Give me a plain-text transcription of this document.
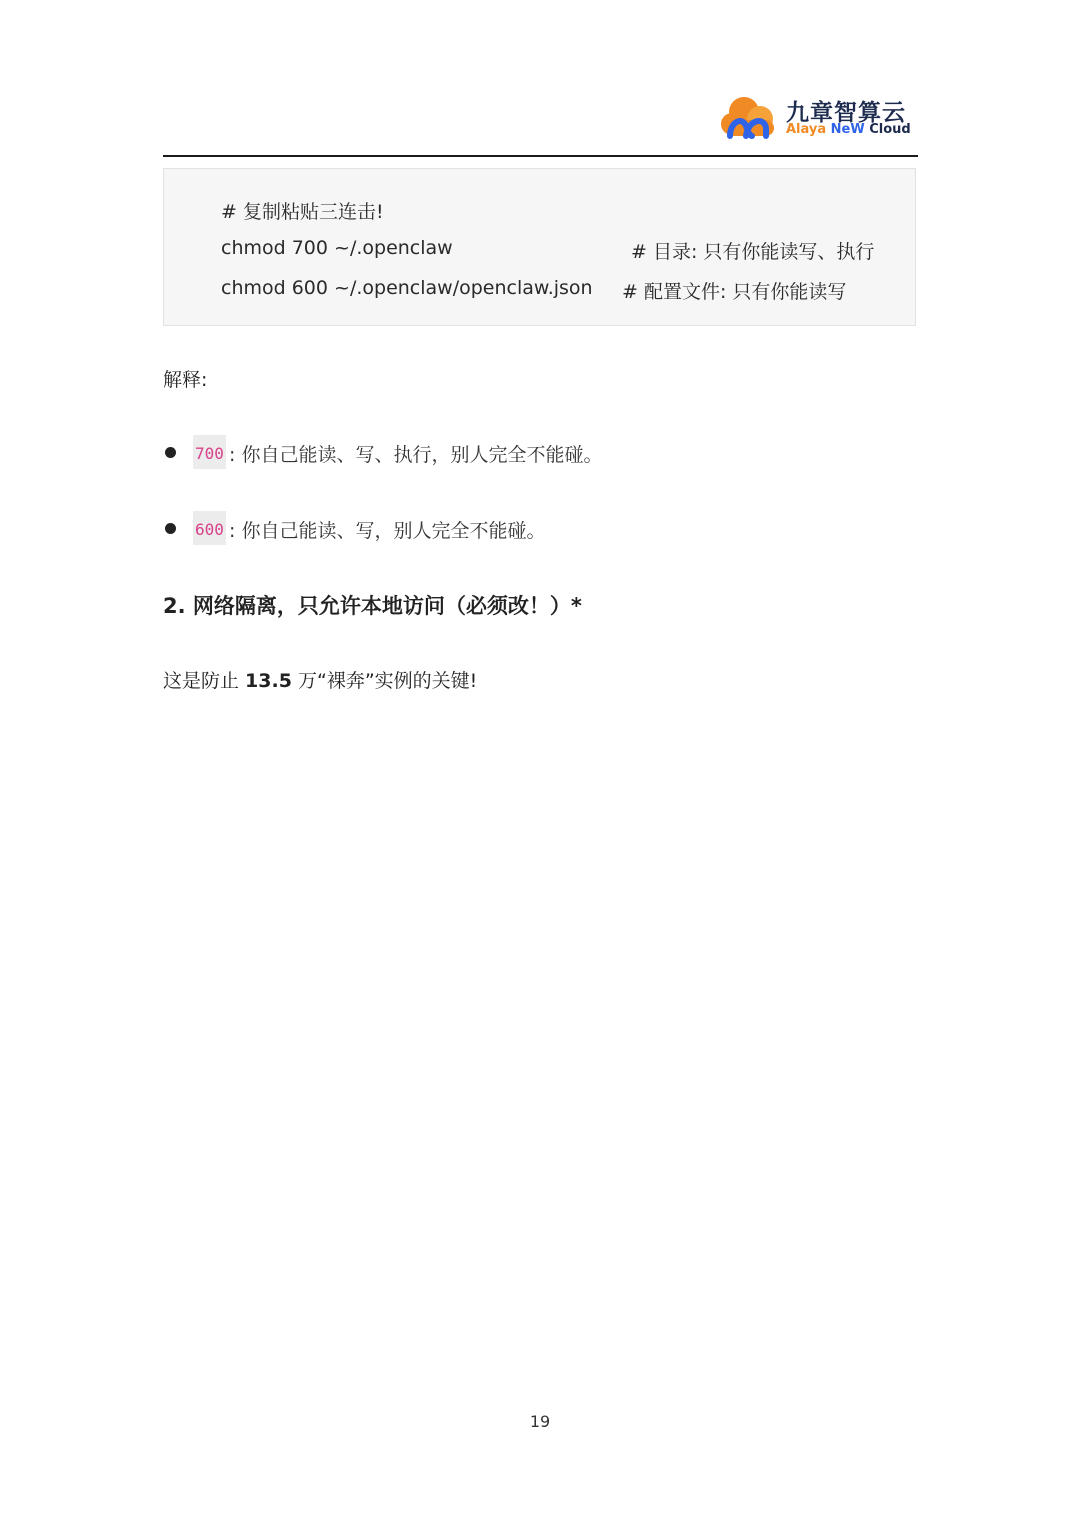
九章智算云
Alaya NeW Cloud
# 复制粘贴三连击!
chmod 700 ~/.openclaw	# 目录: 只有你能读写、执行
chmod 600 ~/.openclaw/openclaw.json # 配置文件: 只有你能读写
解释:
700 : 你自己能读、写、执行，别人完全不能碰。
600 : 你自己能读、写，别人完全不能碰。
2. 网络隔离，只允许本地访问（必须改！）*
这是防止 13.5 万“裸奔”实例的关键!
19
